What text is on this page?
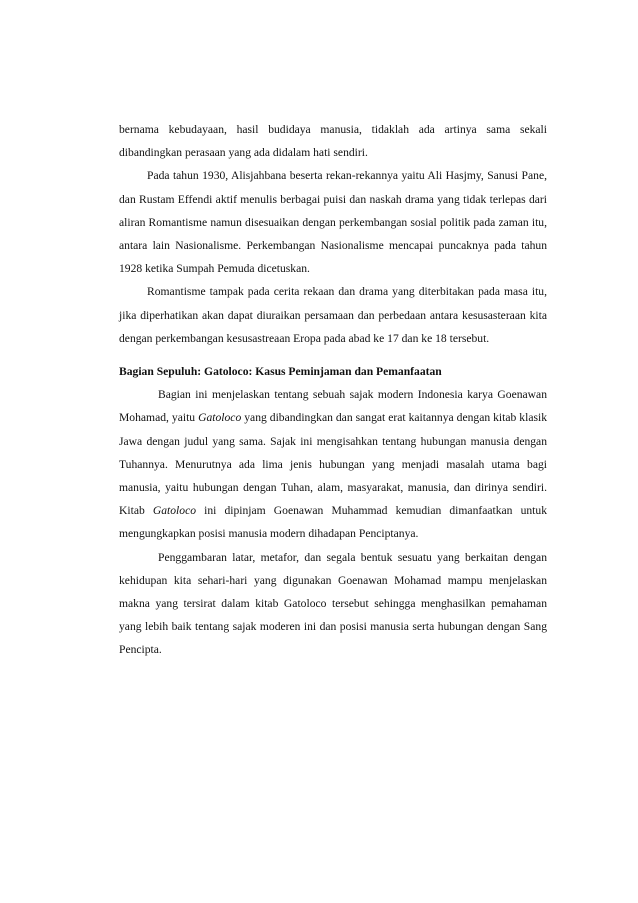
bernama kebudayaan, hasil budidaya manusia, tidaklah ada artinya sama sekali dibandingkan perasaan yang ada didalam hati sendiri.

Pada tahun 1930, Alisjahbana beserta rekan-rekannya yaitu Ali Hasjmy, Sanusi Pane, dan Rustam Effendi aktif menulis berbagai puisi dan naskah drama yang tidak terlepas dari aliran Romantisme namun disesuaikan dengan perkembangan sosial politik pada zaman itu, antara lain Nasionalisme. Perkembangan Nasionalisme mencapai puncaknya pada tahun 1928 ketika Sumpah Pemuda dicetuskan.

Romantisme tampak pada cerita rekaan dan drama yang diterbitakan pada masa itu, jika diperhatikan akan dapat diuraikan persamaan dan perbedaan antara kesusasteraan kita dengan perkembangan kesusastreaan Eropa pada abad ke 17 dan ke 18 tersebut.

Bagian Sepuluh: Gatoloco: Kasus Peminjaman dan Pemanfaatan

Bagian ini menjelaskan tentang sebuah sajak modern Indonesia karya Goenawan Mohamad, yaitu Gatoloco yang dibandingkan dan sangat erat kaitannya dengan kitab klasik Jawa dengan judul yang sama. Sajak ini mengisahkan tentang hubungan manusia dengan Tuhannya. Menurutnya ada lima jenis hubungan yang menjadi masalah utama bagi manusia, yaitu hubungan dengan Tuhan, alam, masyarakat, manusia, dan dirinya sendiri. Kitab Gatoloco ini dipinjam Goenawan Muhammad kemudian dimanfaatkan untuk mengungkapkan posisi manusia modern dihadapan Penciptanya.

Penggambaran latar, metafor, dan segala bentuk sesuatu yang berkaitan dengan kehidupan kita sehari-hari yang digunakan Goenawan Mohamad mampu menjelaskan makna yang tersirat dalam kitab Gatoloco tersebut sehingga menghasilkan pemahaman yang lebih baik tentang sajak moderen ini dan posisi manusia serta hubungan dengan Sang Pencipta.
